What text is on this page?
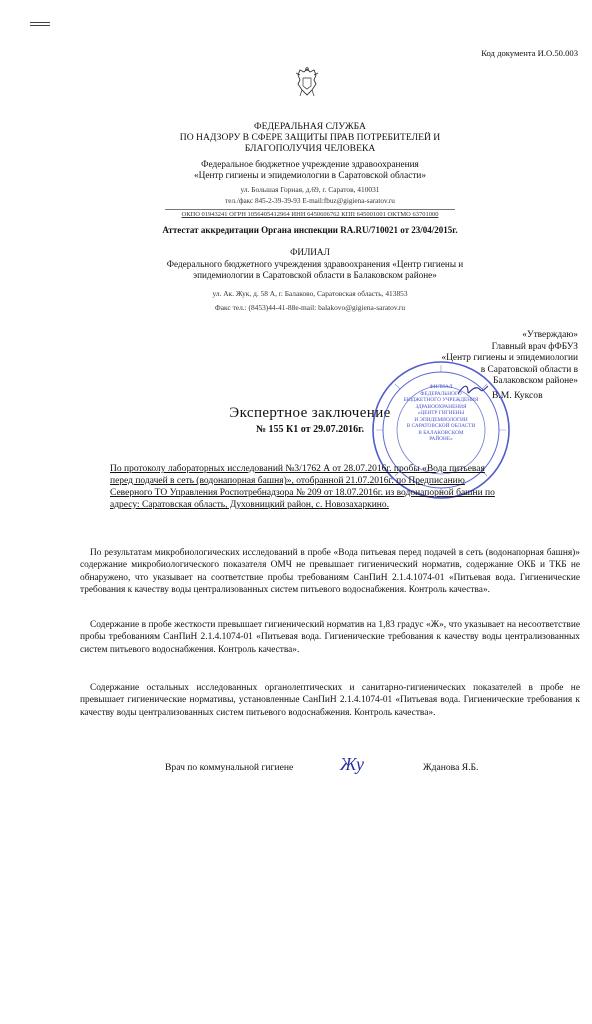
Код документа И.О.50.003
ФЕДЕРАЛЬНАЯ СЛУЖБА
ПО НАДЗОРУ В СФЕРЕ ЗАЩИТЫ ПРАВ ПОТРЕБИТЕЛЕЙ И
БЛАГОПОЛУЧИЯ ЧЕЛОВЕКА
Федеральное бюджетное учреждение здравоохранения
«Центр гигиены и эпидемиологии в Саратовской области»
ул. Большая Горная, д.69, г. Саратов, 410031
тел./факс 845-2-39-39-93 E-mail:fbuz@gigiena-saratov.ru
ОКПО 01943241 ОГРН 1056405412964 ИНН 6450606762 КПП 645001001 ОКТМО 63701000
Аттестат аккредитации Органа инспекции RA.RU/710021 от 23/04/2015г.
ФИЛИАЛ
Федерального бюджетного учреждения здравоохранения «Центр гигиены и
эпидемиологии в Саратовской области в Балаковском районе»
ул. Ак. Жук, д. 58 А, г. Балаково, Саратовская область, 413853
Факс тел.: (8453)44-41-88е-mail: balakovo@gigiena-saratov.ru
«Утверждаю»
Главный врач фФБУЗ
«Центр гигиены и эпидемиологии
в Саратовской области в
Балаковском районе»
В.М. Куксов
Экспертное заключение
№ 155 К1 от 29.07.2016г.
ФИЛИАЛ
ФЕДЕРАЛЬНОГО
БЮДЖЕТНОГО УЧРЕЖДЕНИЯ
ЗДРАВООХРАНЕНИЯ
«ЦЕНТР ГИГИЕНЫ
И ЭПИДЕМИОЛОГИИ
В САРАТОВСКОЙ ОБЛАСТИ
В БАЛАКОВСКОМ
РАЙОНЕ»
По протоколу лабораторных исследований №3/1762 А от 28.07.2016г. пробы «Вода питьевая
перед подачей в сеть (водонапорная башня)», отобранной 21.07.2016г. по Предписанию
Северного ТО Управления Роспотребнадзора № 209 от 18.07.2016г. из водонапорной башни по
адресу: Саратовская область, Духовницкий район, с. Новозахаркино.
По результатам микробиологических исследований в пробе «Вода питьевая перед подачей в сеть (водонапорная башня)» содержание микробиологического показателя ОМЧ не превышает гигиенический норматив, содержание ОКБ и ТКБ не обнаружено, что указывает на соответствие пробы требованиям СанПиН 2.1.4.1074-01 «Питьевая вода. Гигиенические требования к качеству воды централизованных систем питьевого водоснабжения. Контроль качества».
Содержание в пробе жесткости превышает гигиенический норматив на 1,83 градус «Ж», что указывает на несоответствие пробы требованиям СанПиН 2.1.4.1074-01 «Питьевая вода. Гигиенические требования к качеству воды централизованных систем питьевого водоснабжения. Контроль качества».
Содержание остальных исследованных органолептических и санитарно-гигиенических показателей в пробе не превышает гигиенические нормативы, установленные СанПиН 2.1.4.1074-01 «Питьевая вода. Гигиенические требования к качеству воды централизованных систем питьевого водоснабжения. Контроль качества».
Врач по коммунальной гигиене	Жу	Жданова Я.Б.
